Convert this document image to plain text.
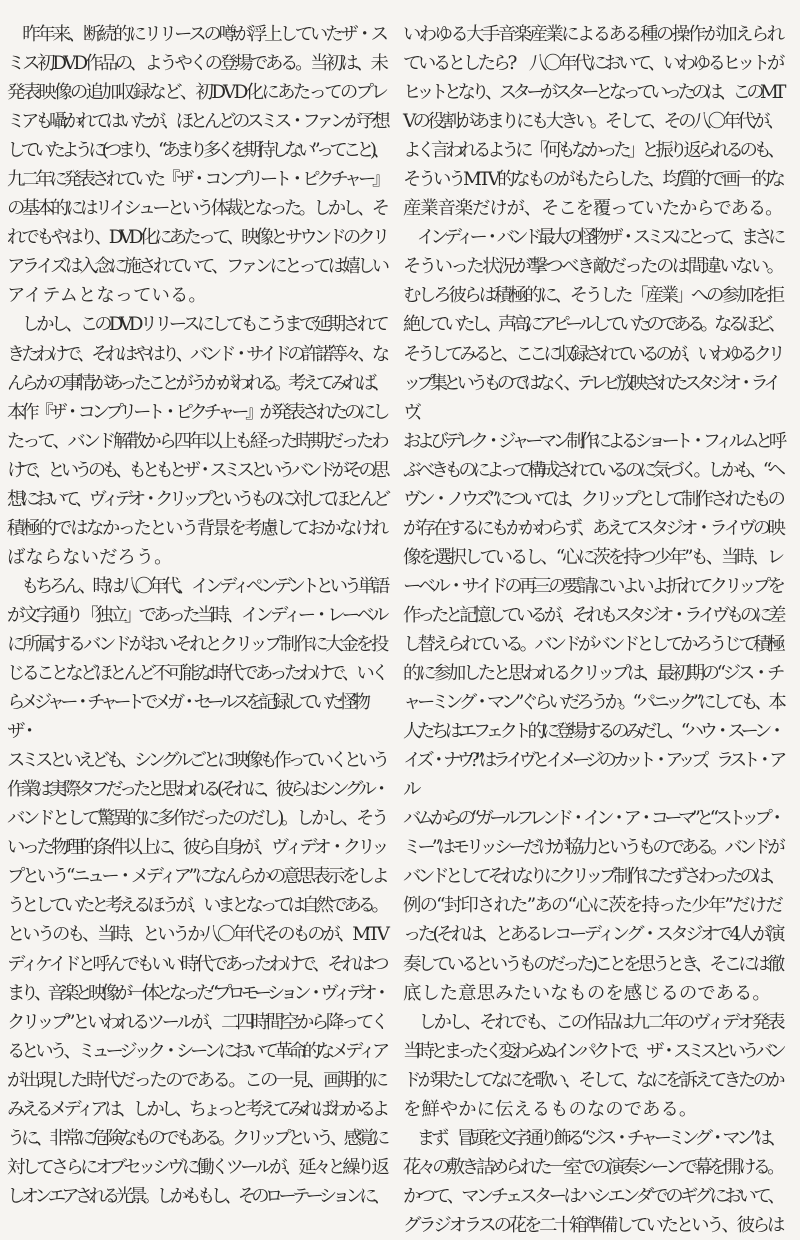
　昨年来、断続的にリリースの噂が浮上していたザ・ス
ミス初DVD作品の、ようやくの登場である。当初は、未
発表映像の追加収録など、初DVD化にあたってのプレ
ミアも囁かれてはいたが、ほとんどのスミス・ファンが予想
していたように(つまり、“あまり多くを期待しない”ってこと)、
九二年に発表されていた『ザ・コンプリート・ピクチャー』
の基本的にはリイシューという体裁となった。しかし、そ
れでもやはり、DVD化にあたって、映像とサウンドのクリ
アライズは入念に施されていて、ファンにとっては嬉しい
アイテムとなっている。
　しかし、このDVDリリースにしてもこうまで延期されて
きたわけで、それはやはり、バンド・サイドの許諾等々、な
んらかの事情があったことがうかがわれる。考えてみれば、
本作『ザ・コンプリート・ピクチャー』が発表されたのにし
たって、バンド解散から四年以上も経った時期だったわ
けで、というのも、もともとザ・スミスというバンドがその思
想において、ヴィデオ・クリップというものに対してほとんど
積極的ではなかったという背景を考慮しておかなけれ
ばならないだろう。
　もちろん、時は八〇年代、インディペンデントという単語
が文字通り「独立」であった当時、インディー・レーベル
に所属するバンドがおいそれとクリップ制作に大金を投
じることなどほとんど不可能な時代であったわけで、いく
らメジャー・チャートでメガ・セールスを記録していた怪物ザ・
スミスといえども、シングルごとに映像も作っていくという
作業は実際タフだったと思われる(それに、彼らはシングル・
バンドとして驚異的に多作だったのだし)。しかし、そう
いった物理的条件以上に、彼ら自身が、ヴィデオ・クリッ
プという“ニュー・メディア”になんらかの意思表示をしよ
うとしていたと考えるほうが、いまとなっては自然である。
というのも、当時、というか八〇年代そのものが、MTV
ディケイドと呼んでもいい時代であったわけで、それはつ
まり、音楽と映像が一体となった“プロモーション・ヴィデオ・
クリップ”といわれるツールが、二四時間空から降ってく
るという、ミュージック・シーンにおいて革命的なメディア
が出現した時代だったのである。この一見、画期的に
みえるメディアは、しかし、ちょっと考えてみればわかるよ
うに、非常に危険なものでもある。クリップという、感覚に
対してさらにオブセッシヴに働くツールが、延々と繰り返
しオンエアされる光景。しかももし、そのローテーションに、
いわゆる大手音楽産業によるある種の操作が加えられ
ているとしたら?　八〇年代において、いわゆるヒットが
ヒットとなり、スターがスターとなっていったのは、このMT
Vの役割があまりにも大きい。そして、その八〇年代が、
よく言われるように「何もなかった」と振り返られるのも、
そういうMTV的なものがもたらした、均質的で画一的な
産業音楽だけが、そこを覆っていたからである。
　インディー・バンド最大の怪物ザ・スミスにとって、まさに
そういった状況が撃つべき敵だったのは間違いない。
むしろ彼らは積極的に、そうした「産業」への参加を拒
絶していたし、声高にアピールしていたのである。なるほど、
そうしてみると、ここに収録されているのが、いわゆるクリ
ップ集というものではなく、テレビ放映されたスタジオ・ライヴ、
およびデレク・ジャーマン制作によるショート・フィルムと呼
ぶべきものによって構成されているのに気づく。しかも、“ヘ
ヴン・ノウズ”については、クリップとして制作されたもの
が存在するにもかかわらず、あえてスタジオ・ライヴの映
像を選択しているし、“心に茨を持つ少年”も、当時、レ
ーベル・サイドの再三の要請にいよいよ折れてクリップを
作ったと記憶しているが、それもスタジオ・ライヴものに差
し替えられている。バンドがバンドとしてかろうじて積極
的に参加したと思われるクリップは、最初期の“ジス・チ
ャーミング・マン”ぐらいだろうか。“パニック”にしても、本
人たちはエフェクト的に登場するのみだし、“ハウ・スーン・
イズ・ナウ?”はライヴとイメージのカット・アップ、ラスト・アル
バムからの“ガールフレンド・イン・ア・コーマ”と“ストップ・
ミー”はモリッシーだけが協力というものである。バンドが
バンドとしてそれなりにクリップ制作にたずさわったのは、
例の“封印された”あの“心に茨を持った少年”だけだ
った(それは、とあるレコーディング・スタジオで4人が演
奏しているというものだった)ことを思うとき、そこには徹
底した意思みたいなものを感じるのである。
　しかし、それでも、この作品は九二年のヴィデオ発表
当時とまったく変わらぬインパクトで、ザ・スミスというバン
ドが果たしてなにを歌い、そして、なにを訴えてきたのか
を鮮やかに伝えるものなのである。
　まず、冒頭を文字通り飾る“ジス・チャーミング・マン”は、
花々の敷き詰められた一室での演奏シーンで幕を開ける。
かつて、マンチェスターはハシエンダでのギグにおいて、
グラジオラスの花を二十箱準備していたという、彼らは
